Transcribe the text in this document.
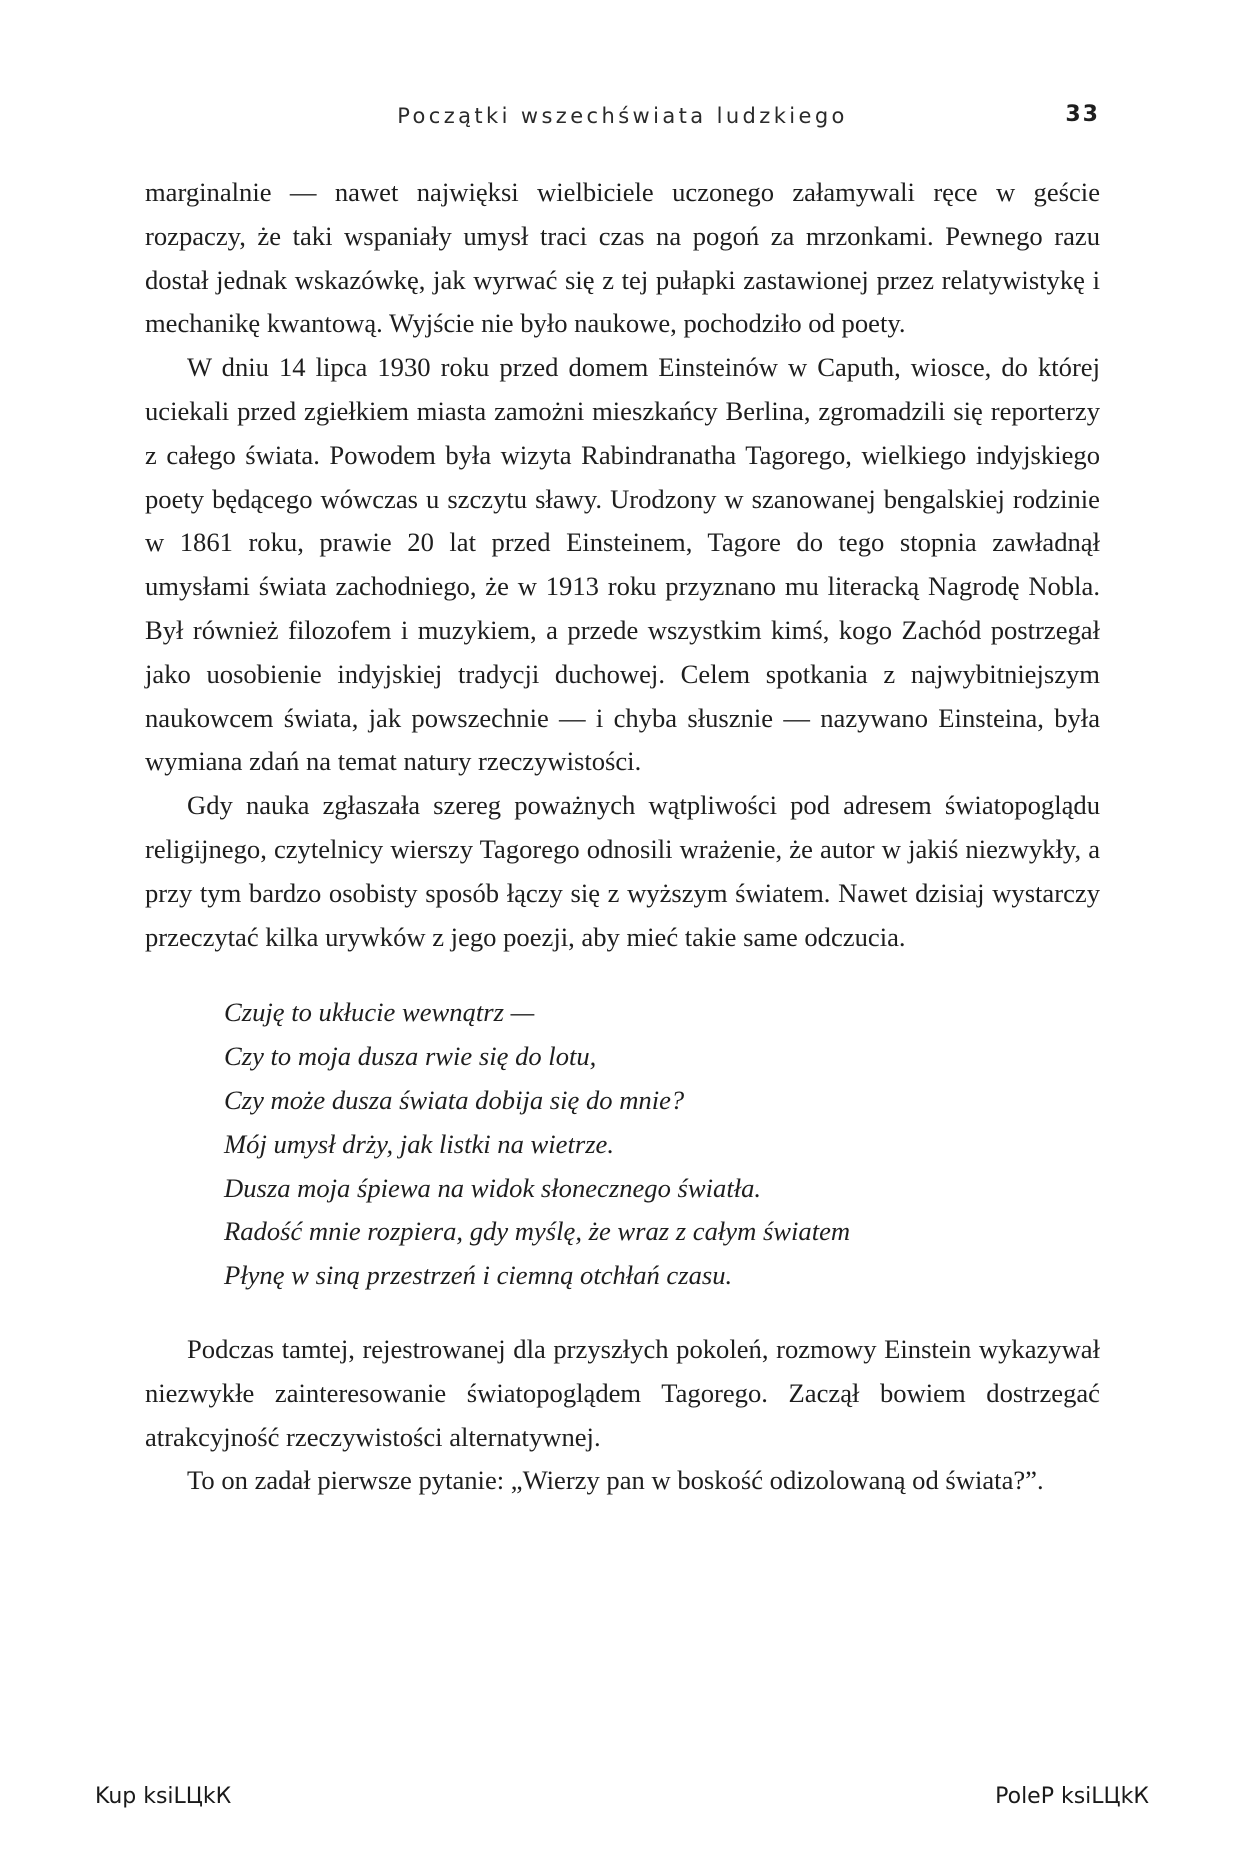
Początki wszechświata ludzkiego	33

marginalnie — nawet najwięksi wielbiciele uczonego załamywali ręce w geście rozpaczy, że taki wspaniały umysł traci czas na pogoń za mrzonkami. Pewnego razu dostał jednak wskazówkę, jak wyrwać się z tej pułapki zastawionej przez relatywistykę i mechanikę kwantową. Wyjście nie było naukowe, pochodziło od poety.

W dniu 14 lipca 1930 roku przed domem Einsteinów w Caputh, wiosce, do której uciekali przed zgiełkiem miasta zamożni mieszkańcy Berlina, zgromadzili się reporterzy z całego świata. Powodem była wizyta Rabindranatha Tagorego, wielkiego indyjskiego poety będącego wówczas u szczytu sławy. Urodzony w szanowanej bengalskiej rodzinie w 1861 roku, prawie 20 lat przed Einsteinem, Tagore do tego stopnia zawładnął umysłami świata zachodniego, że w 1913 roku przyznano mu literacką Nagrodę Nobla. Był również filozofem i muzykiem, a przede wszystkim kimś, kogo Zachód postrzegał jako uosobienie indyjskiej tradycji duchowej. Celem spotkania z najwybitniejszym naukowcem świata, jak powszechnie — i chyba słusznie — nazywano Einsteina, była wymiana zdań na temat natury rzeczywistości.

Gdy nauka zgłaszała szereg poważnych wątpliwości pod adresem światopoglądu religijnego, czytelnicy wierszy Tagorego odnosili wrażenie, że autor w jakiś niezwykły, a przy tym bardzo osobisty sposób łączy się z wyższym światem. Nawet dzisiaj wystarczy przeczytać kilka urywków z jego poezji, aby mieć takie same odczucia.

Czuję to ukłucie wewnątrz —
Czy to moja dusza rwie się do lotu,
Czy może dusza świata dobija się do mnie?
Mój umysł drży, jak listki na wietrze.
Dusza moja śpiewa na widok słonecznego światła.
Radość mnie rozpiera, gdy myślę, że wraz z całym światem
Płynę w siną przestrzeń i ciemną otchłań czasu.

Podczas tamtej, rejestrowanej dla przyszłych pokoleń, rozmowy Einstein wykazywał niezwykłe zainteresowanie światopoglądem Tagorego. Zaczął bowiem dostrzegać atrakcyjność rzeczywistości alternatywnej.

To on zadał pierwsze pytanie: „Wierzy pan w boskość odizolowaną od świata?”.

Kup ksiLЦkК	PoleР ksiLЦkК
